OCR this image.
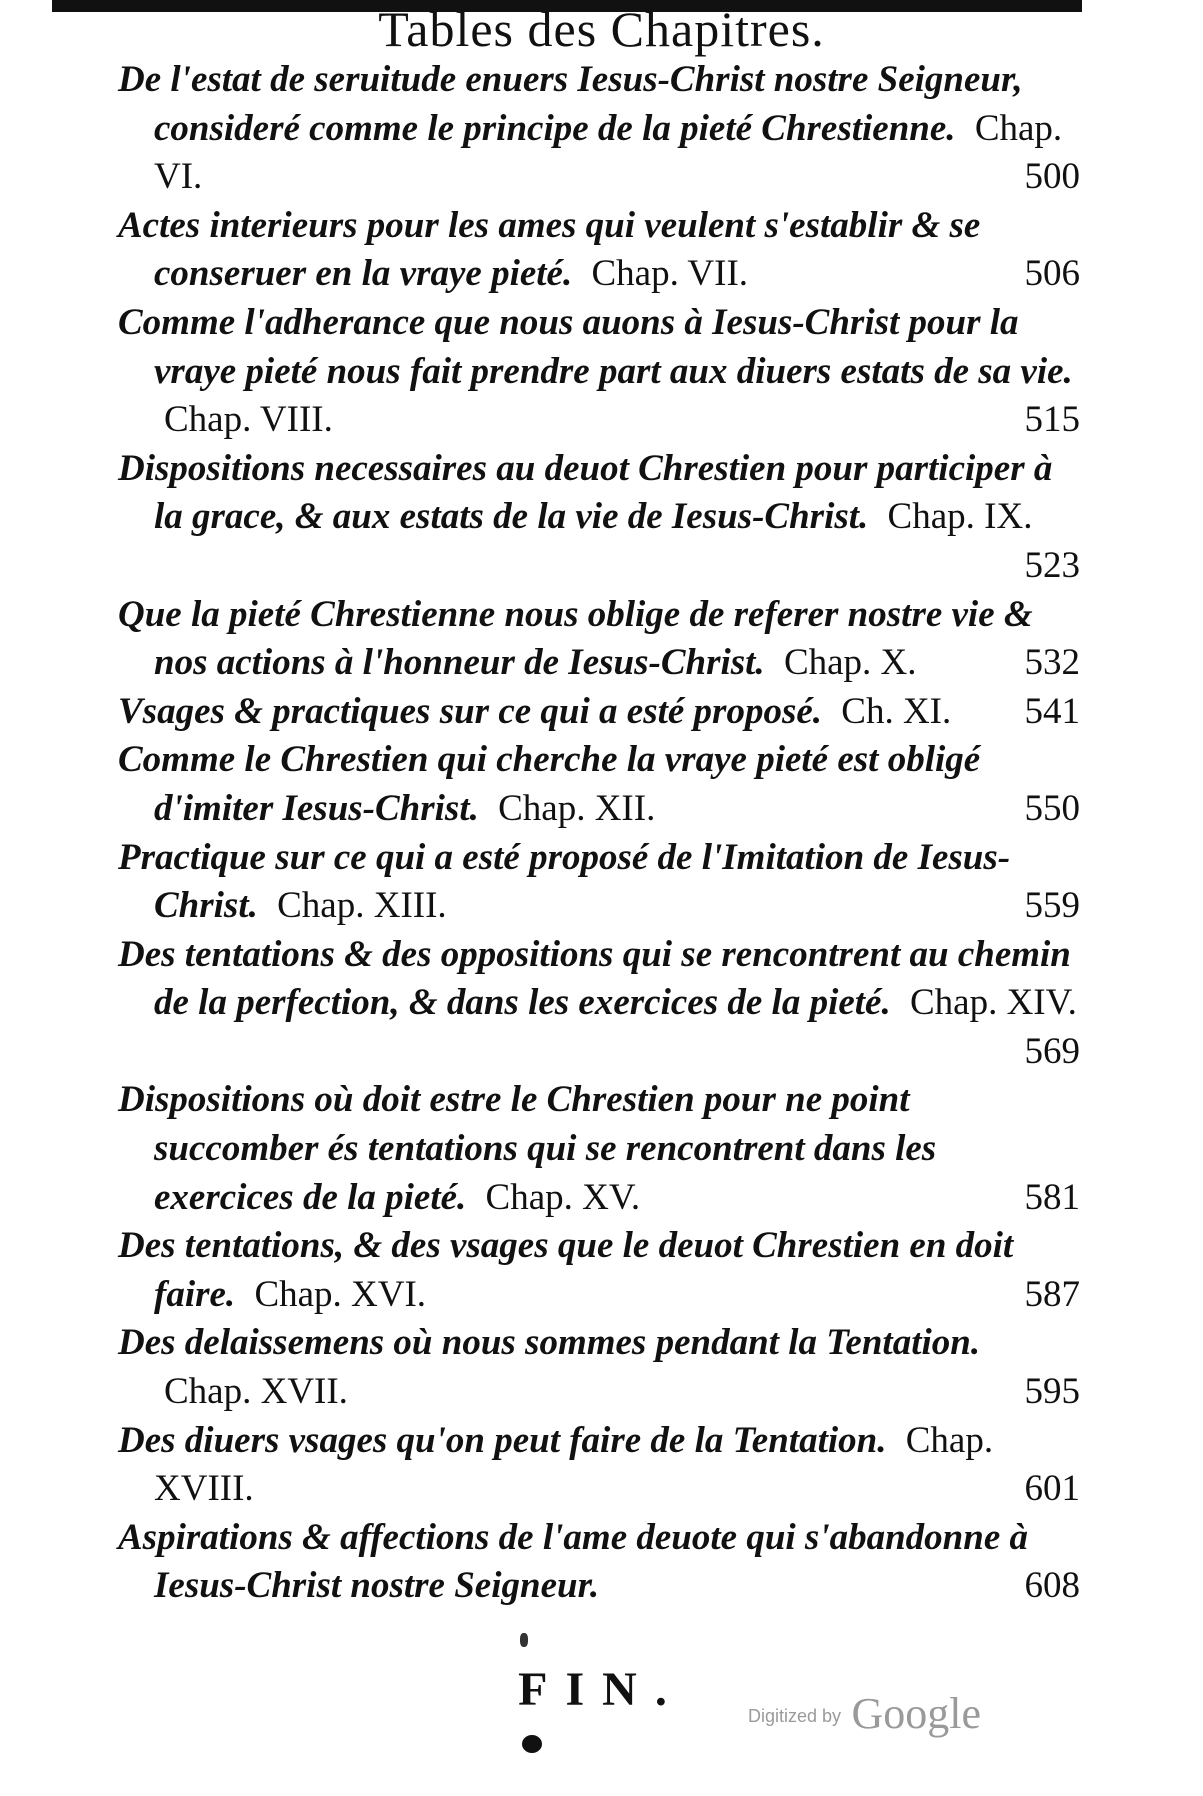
Tables des Chapitres.

De l'estat de seruitude enuers Iesus-Christ nostre Seigneur, consideré comme le principe de la pieté Chrestienne. Chap. VI.	500

Actes interieurs pour les ames qui veulent s'establir & se conseruer en la vraye pieté. Chap. VII.	506

Comme l'adherance que nous auons à Iesus-Christ pour la vraye pieté nous fait prendre part aux diuers estats de sa vie. Chap. VIII.	515

Dispositions necessaires au deuot Chrestien pour participer à la grace, & aux estats de la vie de Iesus-Christ. Chap. IX.
523

Que la pieté Chrestienne nous oblige de referer nostre vie & nos actions à l'honneur de Iesus-Christ. Chap. X.	532

Vsages & practiques sur ce qui a esté proposé. Ch. XI.	541

Comme le Chrestien qui cherche la vraye pieté est obligé d'imiter Iesus-Christ. Chap. XII.	550

Practique sur ce qui a esté proposé de l'Imitation de Iesus-Christ. Chap. XIII.	559

Des tentations & des oppositions qui se rencontrent au chemin de la perfection, & dans les exercices de la pieté. Chap. XIV.
569

Dispositions où doit estre le Chrestien pour ne point succomber és tentations qui se rencontrent dans les exercices de la pieté. Chap. XV.	581

Des tentations, & des vsages que le deuot Chrestien en doit faire. Chap. XVI.	587

Des delaissemens où nous sommes pendant la Tentation. Chap. XVII.	595

Des diuers vsages qu'on peut faire de la Tentation. Chap. XVIII.	601

Aspirations & affections de l'ame deuote qui s'abandonne à Iesus-Christ nostre Seigneur.	608

FIN.	Digitized by Google
